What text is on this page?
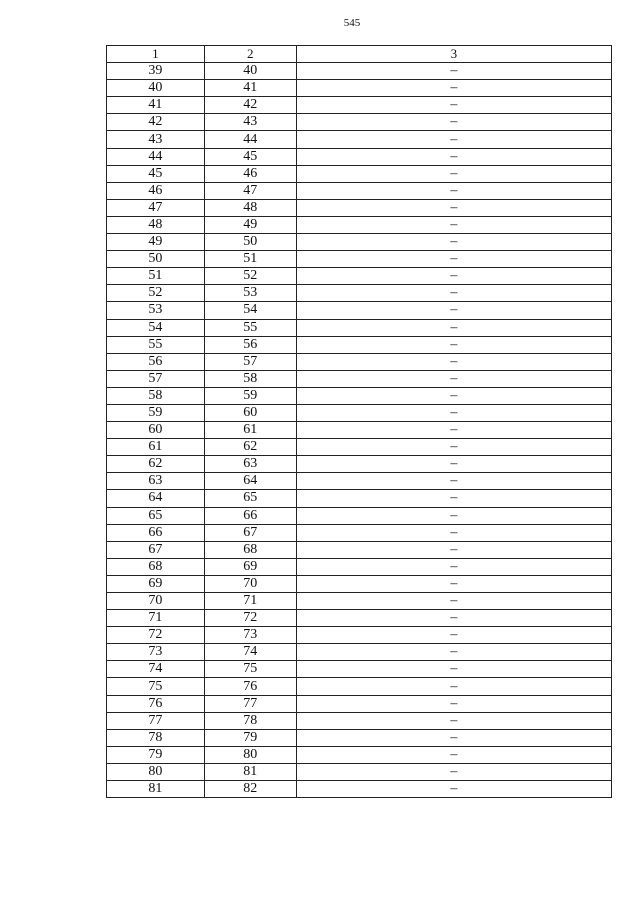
545
1	2	3
39	40	–
40	41	–
41	42	–
42	43	–
43	44	–
44	45	–
45	46	–
46	47	–
47	48	–
48	49	–
49	50	–
50	51	–
51	52	–
52	53	–
53	54	–
54	55	–
55	56	–
56	57	–
57	58	–
58	59	–
59	60	–
60	61	–
61	62	–
62	63	–
63	64	–
64	65	–
65	66	–
66	67	–
67	68	–
68	69	–
69	70	–
70	71	–
71	72	–
72	73	–
73	74	–
74	75	–
75	76	–
76	77	–
77	78	–
78	79	–
79	80	–
80	81	–
81	82	–
